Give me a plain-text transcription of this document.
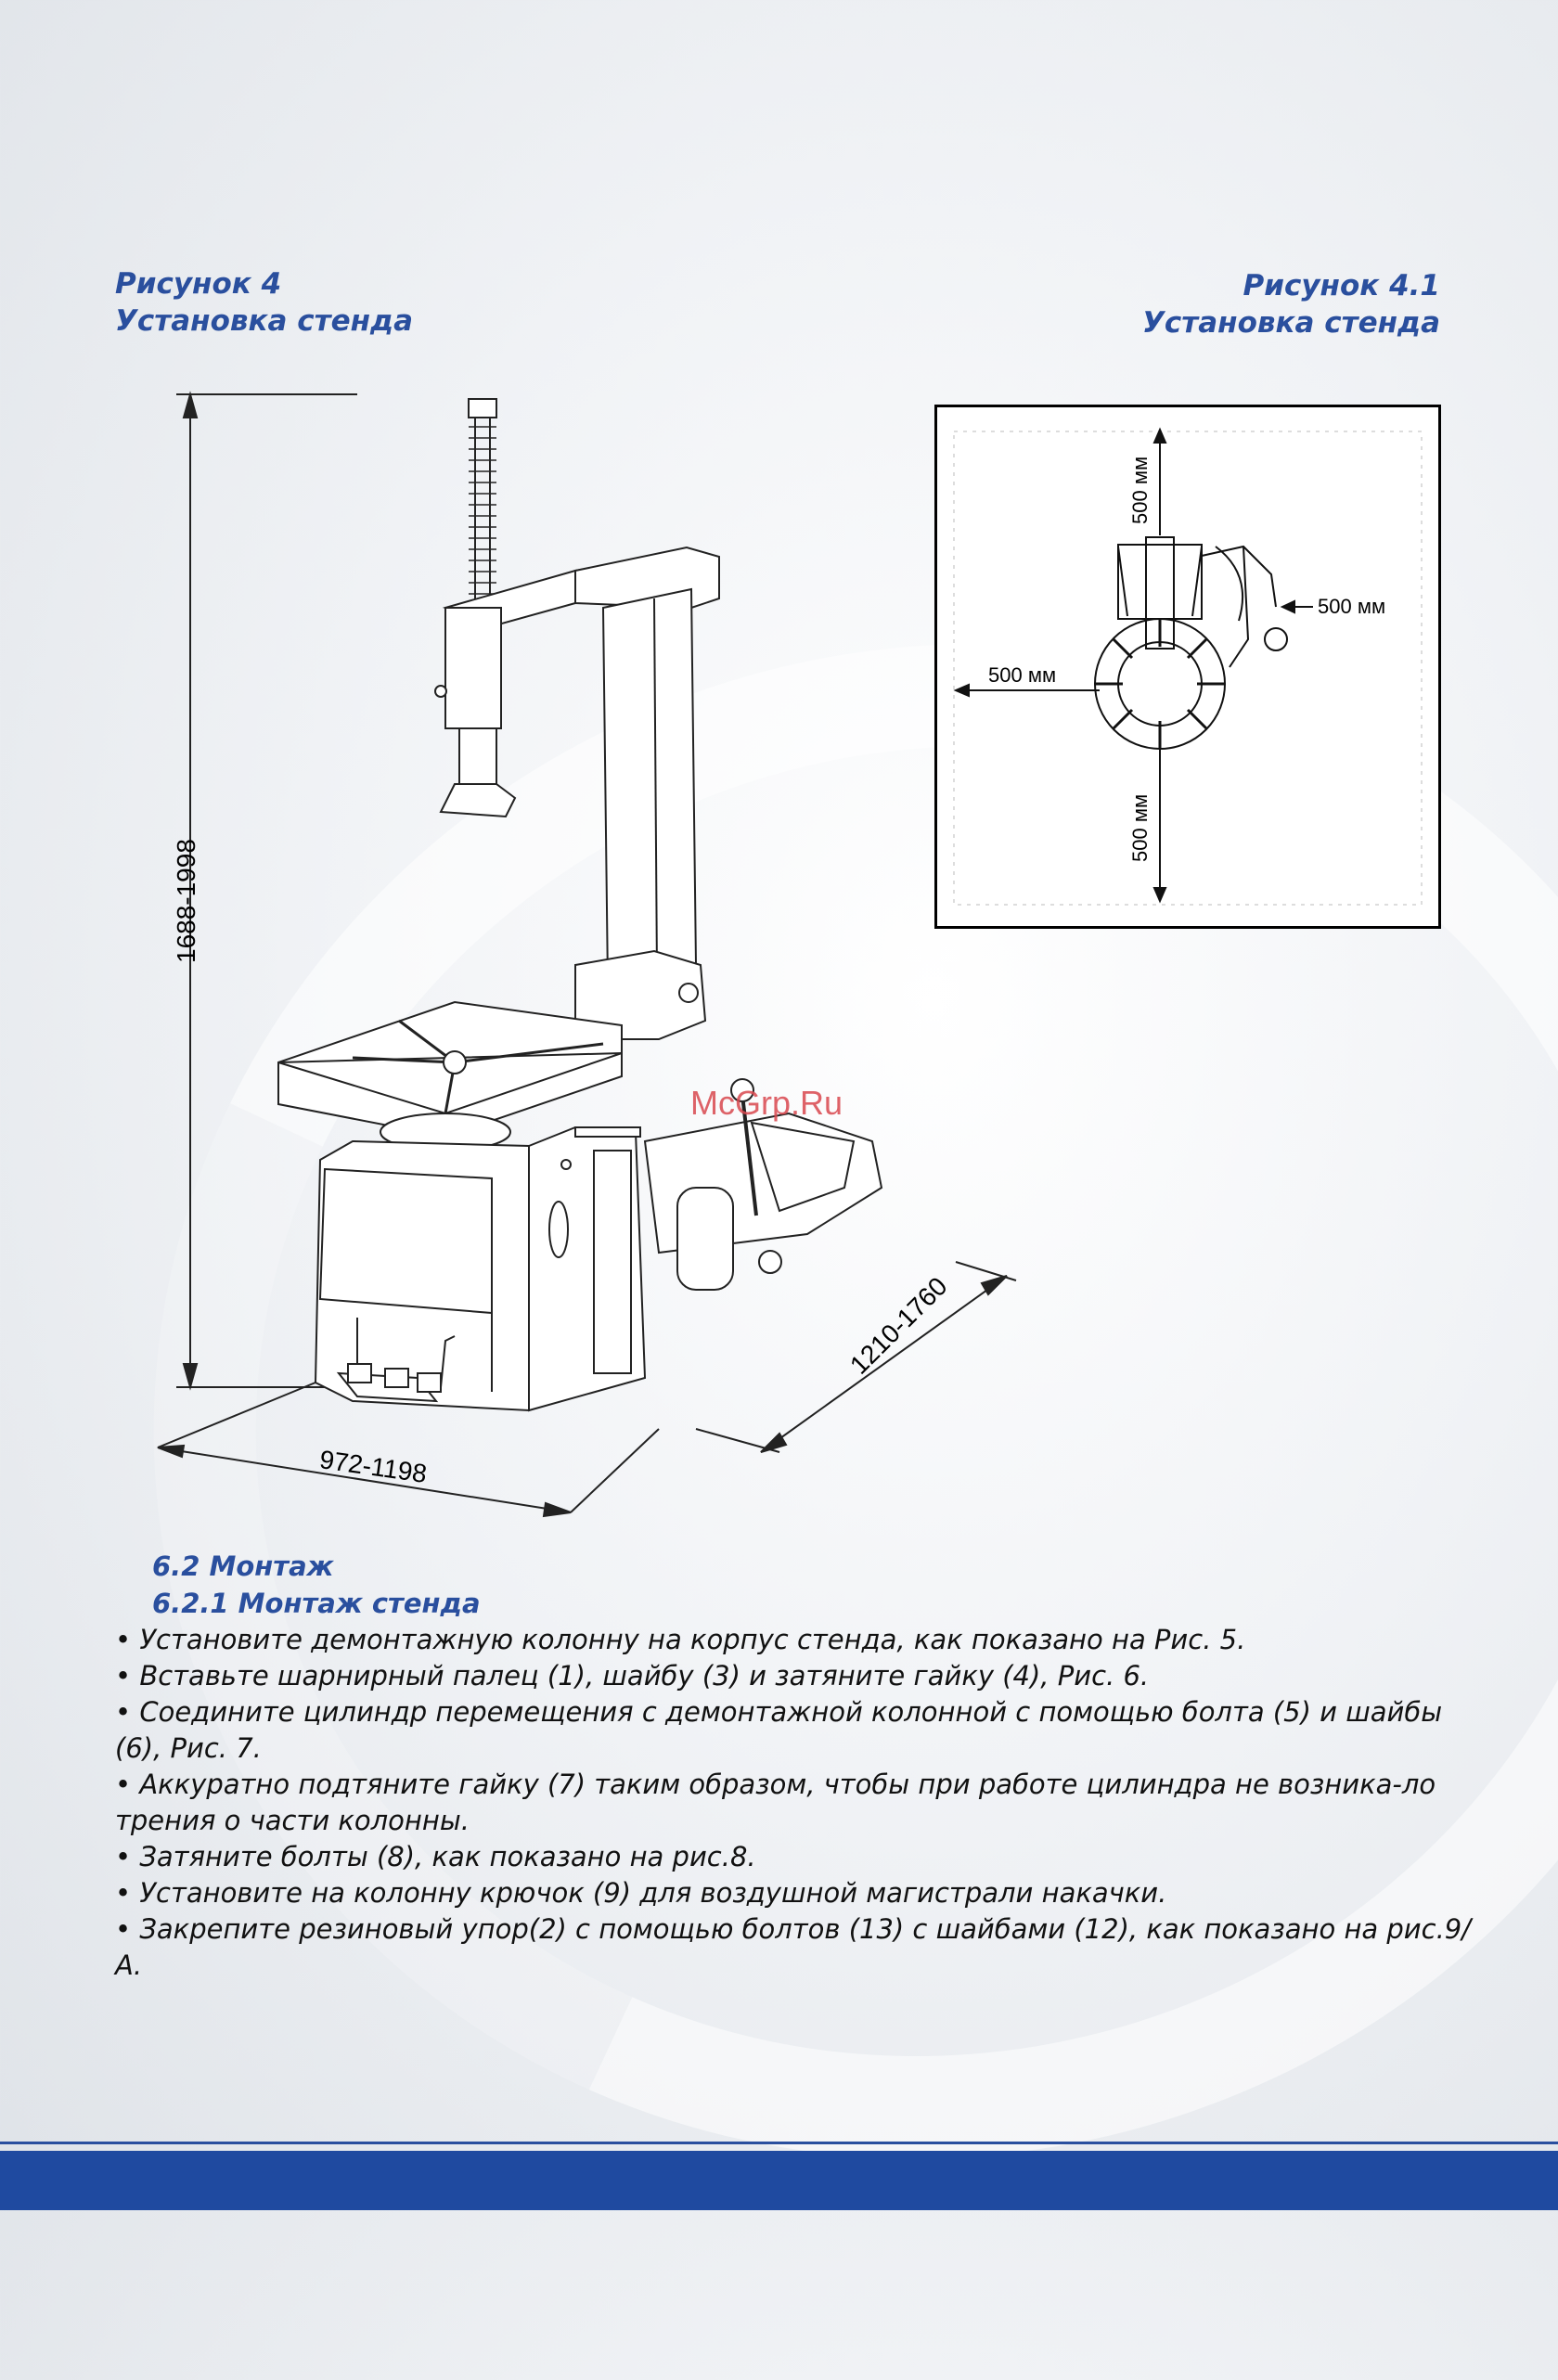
Рисунок 4
Установка стенда
Рисунок 4.1
Установка стенда
1688-1998
972-1198
1210-1760
500 мм
500 мм
500 мм
500 мм
McGrp.Ru
6.2 Монтаж
6.2.1 Монтаж стенда

• Установите демонтажную колонну на корпус стенда, как показано на Рис. 5.

• Вставьте шарнирный палец (1), шайбу (3) и затяните гайку (4), Рис. 6.

• Соедините цилиндр перемещения с демонтажной колонной с помощью болта (5) и шайбы (6), Рис. 7.

• Аккуратно подтяните гайку (7) таким образом, чтобы при работе цилиндра не возника-ло трения о части колонны.

• Затяните болты (8), как показано на рис.8.

• Установите на колонну крючок (9) для воздушной магистрали накачки.

• Закрепите резиновый упор(2) с помощью болтов (13) с шайбами (12), как показано на рис.9/А.
